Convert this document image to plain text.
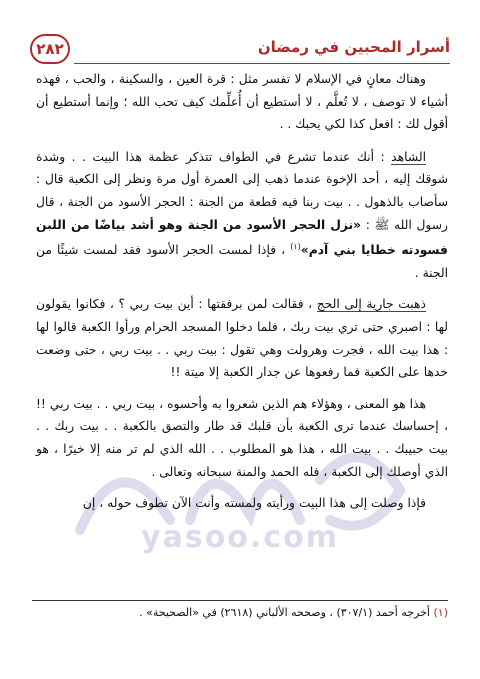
yasoo.com
٢٨٢	أسرار المحبين في رمضان

وهناك معانٍ في الإسلام لا تفسر مثل : قرة العين ، والسكينة ، والحب ، فهذه أشياء لا توصف ، لا تُعلَّم ، لا أستطيع أن أُعلِّمك كيف تحب الله ؛ وإنما أستطيع أن أقول لك : افعل كذا لكي يحبك . .

الشاهد : أنك عندما تشرع في الطواف تتذكر عظمة هذا البيت . . وشدة شوقك إليه ، أحد الإخوة عندما ذهب إلى العمرة أول مرة ونظر إلى الكعبة قال : سأصاب بالذهول . . بيت ربنا فيه قطعة من الجنة : الحجر الأسود من الجنة ، قال رسول الله ﷺ : «نزل الحجر الأسود من الجنة وهو أشد بياضًا من اللبن فسودته خطايا بني آدم»$^{(١)}$ ، فإذا لمست الحجر الأسود فقد لمست شيئًا من الجنة .

ذهبت جارية إلى الحج ، فقالت لمن برفقتها : أين بيت ربي ؟ ، فكانوا يقولون لها : اصبري حتى تري بيت ربك ، فلما دخلوا المسجد الحرام ورأوا الكعبة قالوا لها : هذا بيت الله ، فجرت وهرولت وهي تقول : بيت ربي . . بيت ربي ، حتى وضعت خدها على الكعبة فما رفعوها عن جدار الكعبة إلا ميتة !!

هذا هو المعنى ، وهؤلاء هم الذين شعروا به وأحسوه ، بيت ربي . . بيت ربي !! ، إحساسك عندما ترى الكعبة بأن قلبك قد طار والتصق بالكعبة . . بيت ربك . . بيت حبيبك . . بيت الله ، هذا هو المطلوب . . الله الذي لم تر منه إلا خيرًا ، هو الذي أوصلك إلى الكعبة ، فله الحمد والمنة سبحانه وتعالى .

فإذا وصلت إلى هذا البيت ورأيته ولمسته وأنت الآن تطوف حوله ، إن

(١) أخرجه أحمد (٣٠٧/١) ، وصححه الألباني (٢٦١٨) في «الصحيحة» .
